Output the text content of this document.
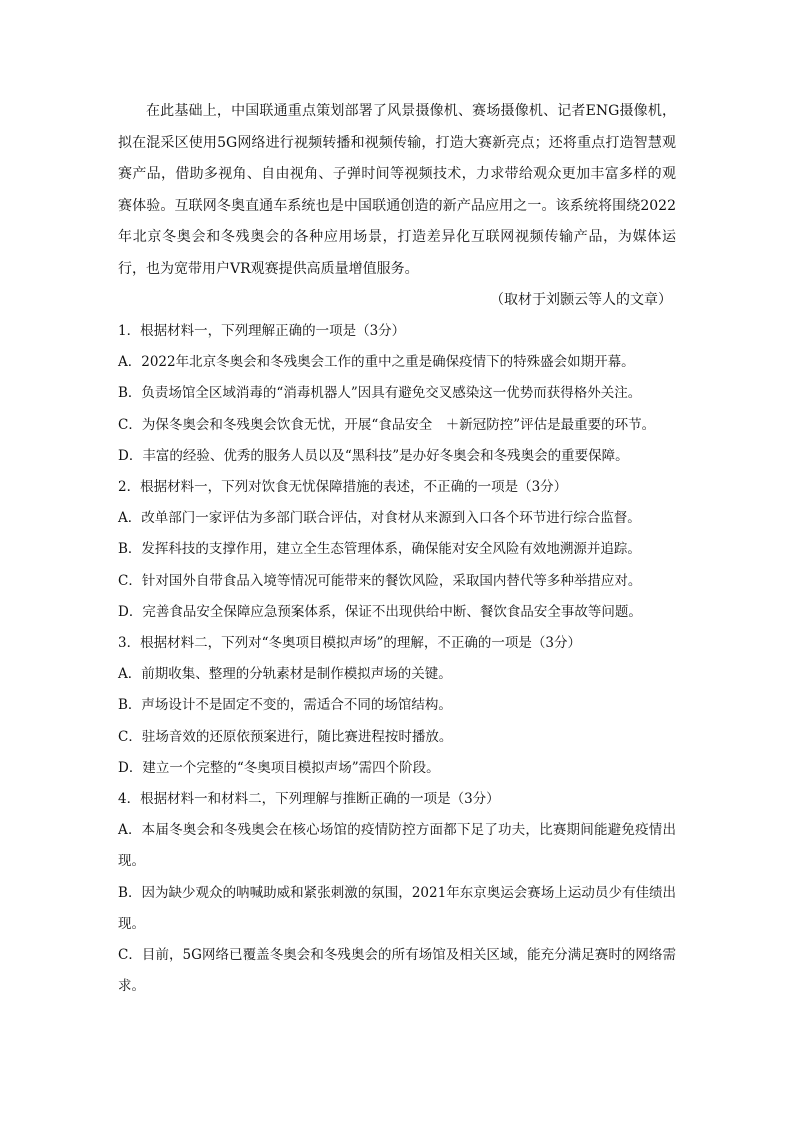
在此基础上，中国联通重点策划部署了风景摄像机、赛场摄像机、记者ENG摄像机，拟在混采区使用5G网络进行视频转播和视频传输，打造大赛新亮点；还将重点打造智慧观赛产品，借助多视角、自由视角、子弹时间等视频技术，力求带给观众更加丰富多样的观赛体验。互联网冬奥直通车系统也是中国联通创造的新产品应用之一。该系统将围绕2022年北京冬奥会和冬残奥会的各种应用场景，打造差异化互联网视频传输产品，为媒体运行，也为宽带用户VR观赛提供高质量增值服务。

（取材于刘颢云等人的文章）

1．根据材料一，下列理解正确的一项是（3分）

A．2022年北京冬奥会和冬残奥会工作的重中之重是确保疫情下的特殊盛会如期开幕。

B．负责场馆全区域消毒的“消毒机器人”因具有避免交叉感染这一优势而获得格外关注。

C．为保冬奥会和冬残奥会饮食无忧，开展“食品安全　＋新冠防控”评估是最重要的环节。

D．丰富的经验、优秀的服务人员以及“黑科技”是办好冬奥会和冬残奥会的重要保障。

2．根据材料一，下列对饮食无忧保障措施的表述，不正确的一项是（3分）

A．改单部门一家评估为多部门联合评估，对食材从来源到入口各个环节进行综合监督。

B．发挥科技的支撑作用，建立全生态管理体系，确保能对安全风险有效地溯源并追踪。

C．针对国外自带食品入境等情况可能带来的餐饮风险，采取国内替代等多种举措应对。

D．完善食品安全保障应急预案体系，保证不出现供给中断、餐饮食品安全事故等问题。

3．根据材料二，下列对“冬奥项目模拟声场”的理解，不正确的一项是（3分）

A．前期收集、整理的分轨素材是制作模拟声场的关键。

B．声场设计不是固定不变的，需适合不同的场馆结构。

C．驻场音效的还原依预案进行，随比赛进程按时播放。

D．建立一个完整的“冬奥项目模拟声场”需四个阶段。

4．根据材料一和材料二，下列理解与推断正确的一项是（3分）

A．本届冬奥会和冬残奥会在核心场馆的疫情防控方面都下足了功夫，比赛期间能避免疫情出现。

B．因为缺少观众的呐喊助威和紧张刺激的氛围，2021年东京奥运会赛场上运动员少有佳绩出现。

C．目前，5G网络已覆盖冬奥会和冬残奥会的所有场馆及相关区域，能充分满足赛时的网络需求。
